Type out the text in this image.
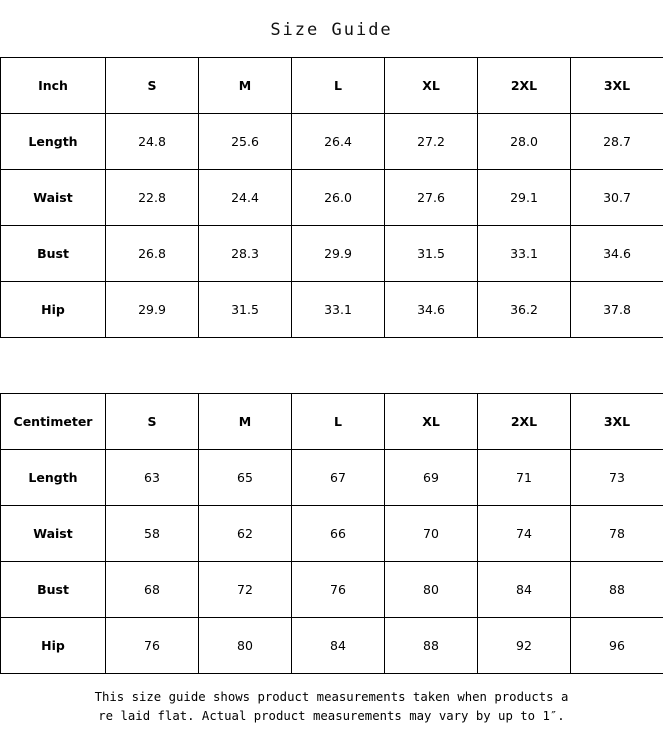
Size Guide
Inch	S	M	L	XL	2XL	3XL
Length	24.8	25.6	26.4	27.2	28.0	28.7
Waist	22.8	24.4	26.0	27.6	29.1	30.7
Bust	26.8	28.3	29.9	31.5	33.1	34.6
Hip	29.9	31.5	33.1	34.6	36.2	37.8
Centimeter	S	M	L	XL	2XL	3XL
Length	63	65	67	69	71	73
Waist	58	62	66	70	74	78
Bust	68	72	76	80	84	88
Hip	76	80	84	88	92	96
This size guide shows product measurements taken when products a
re laid flat. Actual product measurements may vary by up to 1″.
